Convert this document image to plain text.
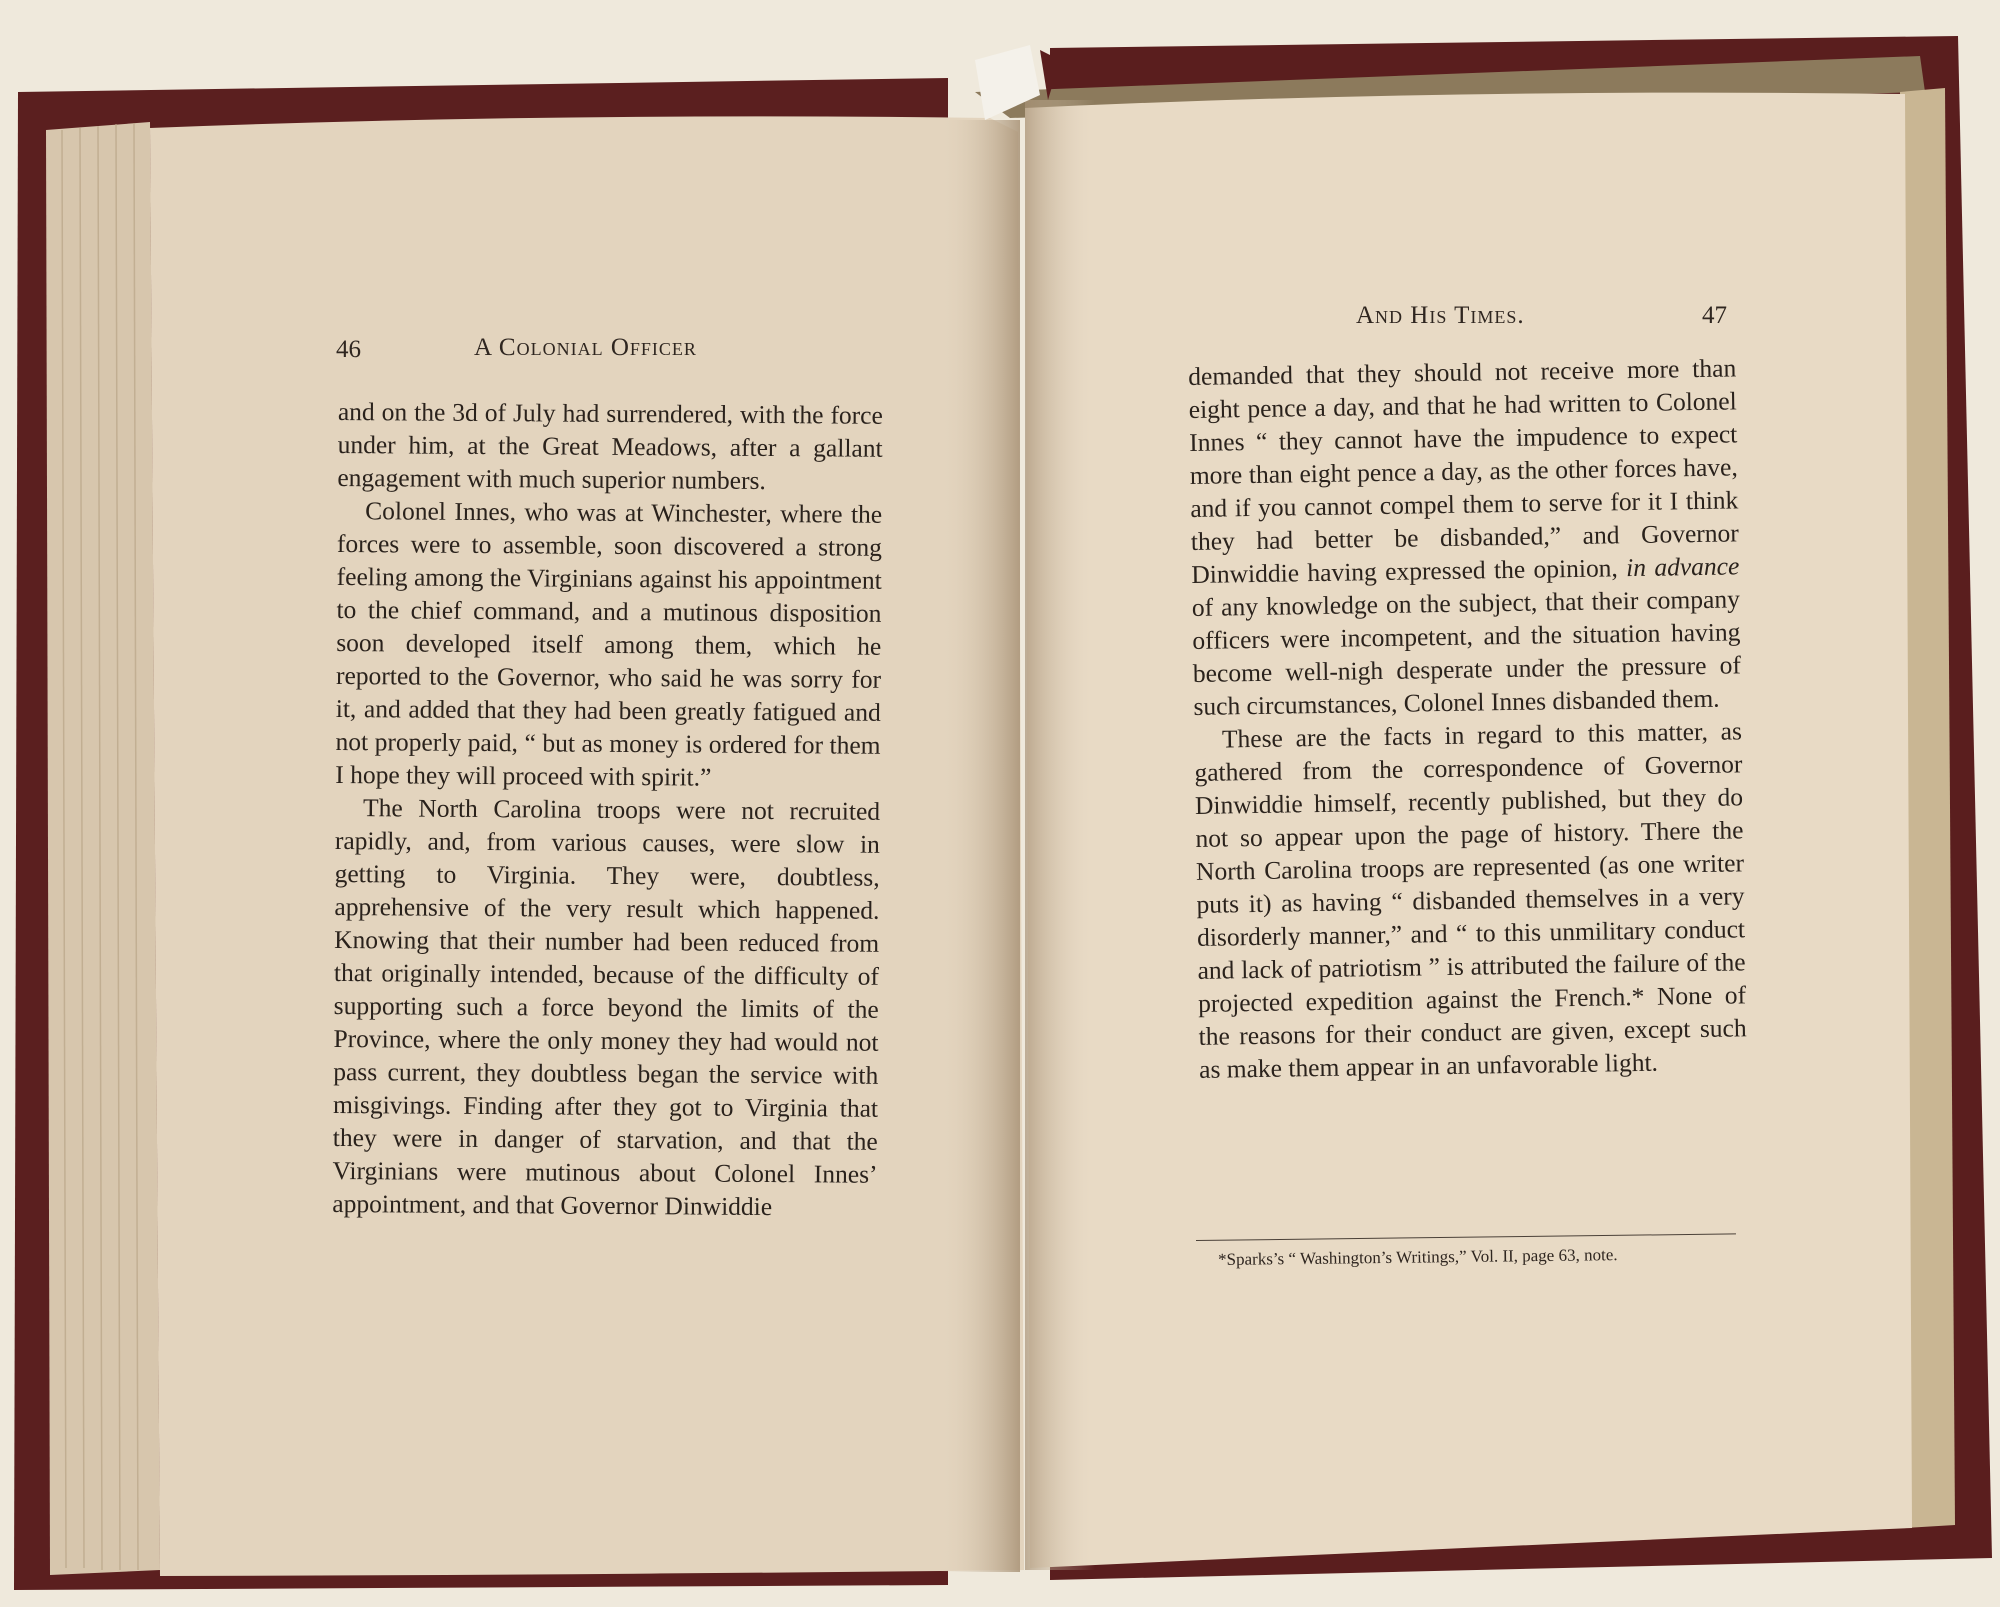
46	A Colonial Officer

and on the 3d of July had surrendered, with the force under him, at the Great Meadows, after a gallant engagement with much superior numbers.

Colonel Innes, who was at Winchester, where the forces were to assemble, soon discovered a strong feeling among the Virginians against his appointment to the chief command, and a mutinous disposition soon developed itself among them, which he reported to the Governor, who said he was sorry for it, and added that they had been greatly fatigued and not properly paid, “ but as money is ordered for them I hope they will proceed with spirit.”

The North Carolina troops were not recruited rapidly, and, from various causes, were slow in getting to Virginia. They were, doubtless, apprehensive of the very result which happened. Knowing that their number had been reduced from that originally intended, because of the difficulty of supporting such a force beyond the limits of the Province, where the only money they had would not pass current, they doubtless began the service with misgivings. Finding after they got to Virginia that they were in danger of starvation, and that the Virginians were mutinous about Colonel Innes’ appointment, and that Governor Dinwiddie

And His Times.	47

demanded that they should not receive more than eight pence a day, and that he had written to Colonel Innes “ they cannot have the impudence to expect more than eight pence a day, as the other forces have, and if you cannot compel them to serve for it I think they had better be disbanded,” and Governor Dinwiddie having expressed the opinion, in advance of any knowledge on the subject, that their company officers were incompetent, and the situation having become well-nigh desperate under the pressure of such circumstances, Colonel Innes disbanded them.

These are the facts in regard to this matter, as gathered from the correspondence of Governor Dinwiddie himself, recently published, but they do not so appear upon the page of history. There the North Carolina troops are represented (as one writer puts it) as having “ disbanded themselves in a very disorderly manner,” and “ to this unmilitary conduct and lack of patriotism ” is attributed the failure of the projected expedition against the French.* None of the reasons for their conduct are given, except such as make them appear in an unfavorable light.

*Sparks’s “ Washington’s Writings,” Vol. II, page 63, note.
